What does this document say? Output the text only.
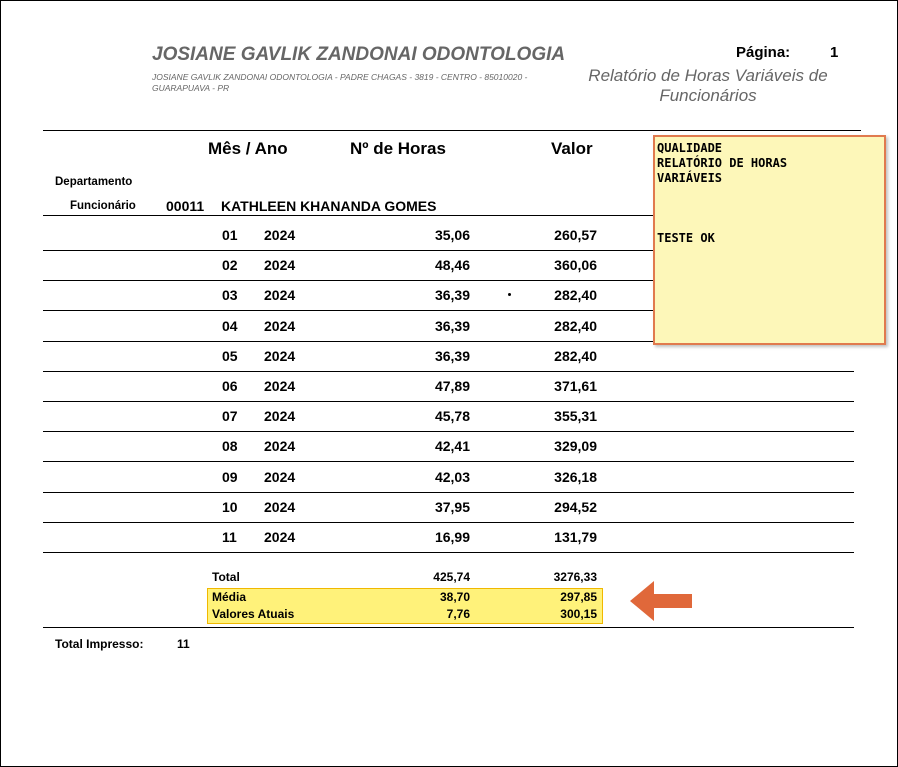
JOSIANE GAVLIK ZANDONAI ODONTOLOGIA
JOSIANE GAVLIK ZANDONAI ODONTOLOGIA - PADRE CHAGAS - 3819 - CENTRO - 85010020 - GUARAPUAVA - PR
Página:	1
Relatório de Horas Variáveis de Funcionários
Mês / Ano	Nº de Horas	Valor
Departamento
Funcionário 00011 KATHLEEN KHANANDA GOMES
01 2024	35,06	260,57
02 2024	48,46	360,06
03 2024	36,39	282,40
04 2024	36,39	282,40
05 2024	36,39	282,40
06 2024	47,89	371,61
07 2024	45,78	355,31
08 2024	42,41	329,09
09 2024	42,03	326,18
10 2024	37,95	294,52
11 2024	16,99	131,79
Total	425,74	3276,33
Média	38,70	297,85
Valores Atuais	7,76	300,15
QUALIDADE
RELATÓRIO DE HORAS
VARIÁVEIS
TESTE OK
Total Impresso:	11
